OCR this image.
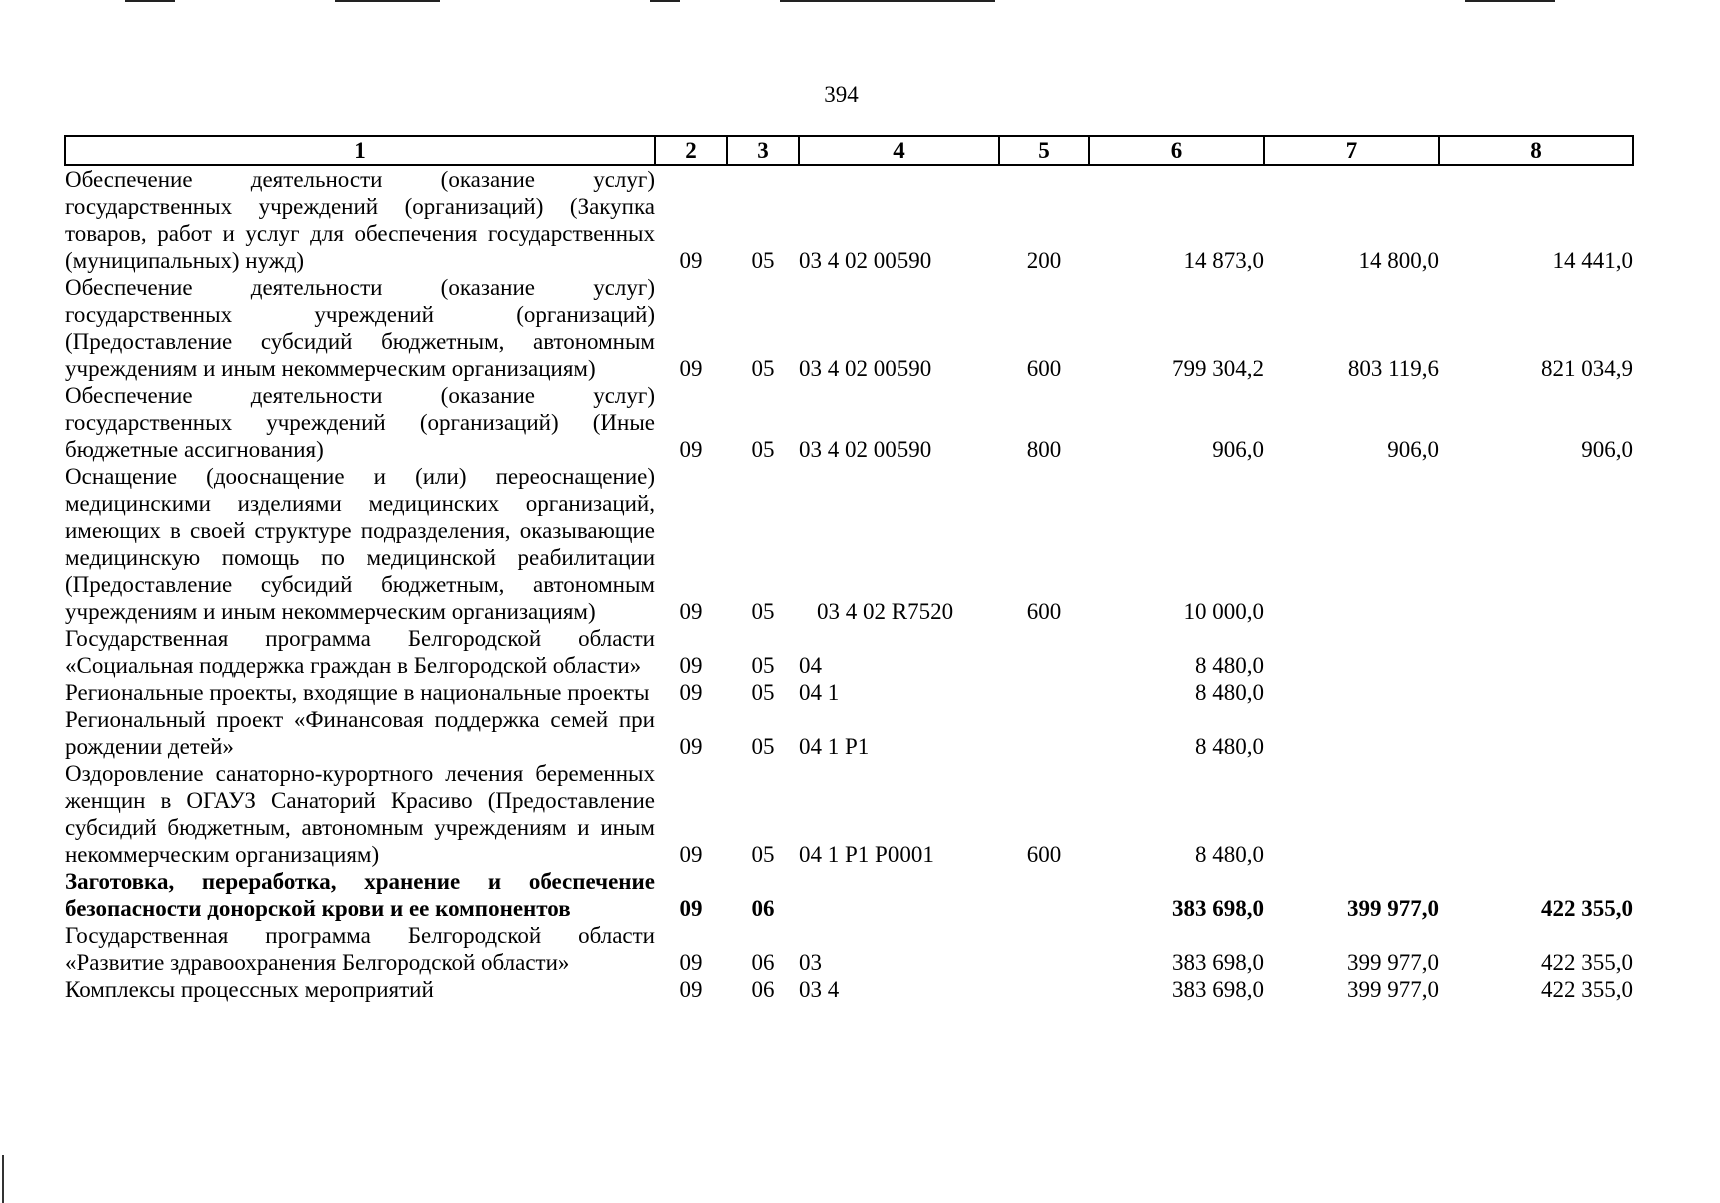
394
1	2	3	4	5	6	7	8
Обеспечение деятельности (оказание услуг) государственных учреждений (организаций) (Закупка товаров, работ и услуг для обеспечения государственных (муниципальных) нужд)	09	05	03 4 02 00590	200	14 873,0	14 800,0	14 441,0
Обеспечение деятельности (оказание услуг) государственных учреждений (организаций) (Предоставление субсидий бюджетным, автономным учреждениям и иным некоммерческим организациям)	09	05	03 4 02 00590	600	799 304,2	803 119,6	821 034,9
Обеспечение деятельности (оказание услуг) государственных учреждений (организаций) (Иные бюджетные ассигнования)	09	05	03 4 02 00590	800	906,0	906,0	906,0
Оснащение (дооснащение и (или) переоснащение) медицинскими изделиями медицинских организаций, имеющих в своей структуре подразделения, оказывающие медицинскую помощь по медицинской реабилитации (Предоставление субсидий бюджетным, автономным учреждениям и иным некоммерческим организациям)	09	05	03 4 02 R7520	600	10 000,0		
Государственная программа Белгородской области «Социальная поддержка граждан в Белгородской области»	09	05	04		8 480,0		
Региональные проекты, входящие в национальные проекты	09	05	04 1		8 480,0		
Региональный проект «Финансовая поддержка семей при рождении детей»	09	05	04 1 P1		8 480,0		
Оздоровление санаторно-курортного лечения беременных женщин в ОГАУЗ Санаторий Красиво (Предоставление субсидий бюджетным, автономным учреждениям и иным некоммерческим организациям)	09	05	04 1 P1 P0001	600	8 480,0		
Заготовка, переработка, хранение и обеспечение безопасности донорской крови и ее компонентов	09	06			383 698,0	399 977,0	422 355,0
Государственная программа Белгородской области «Развитие здравоохранения Белгородской области»	09	06	03		383 698,0	399 977,0	422 355,0
Комплексы процессных мероприятий	09	06	03 4		383 698,0	399 977,0	422 355,0
